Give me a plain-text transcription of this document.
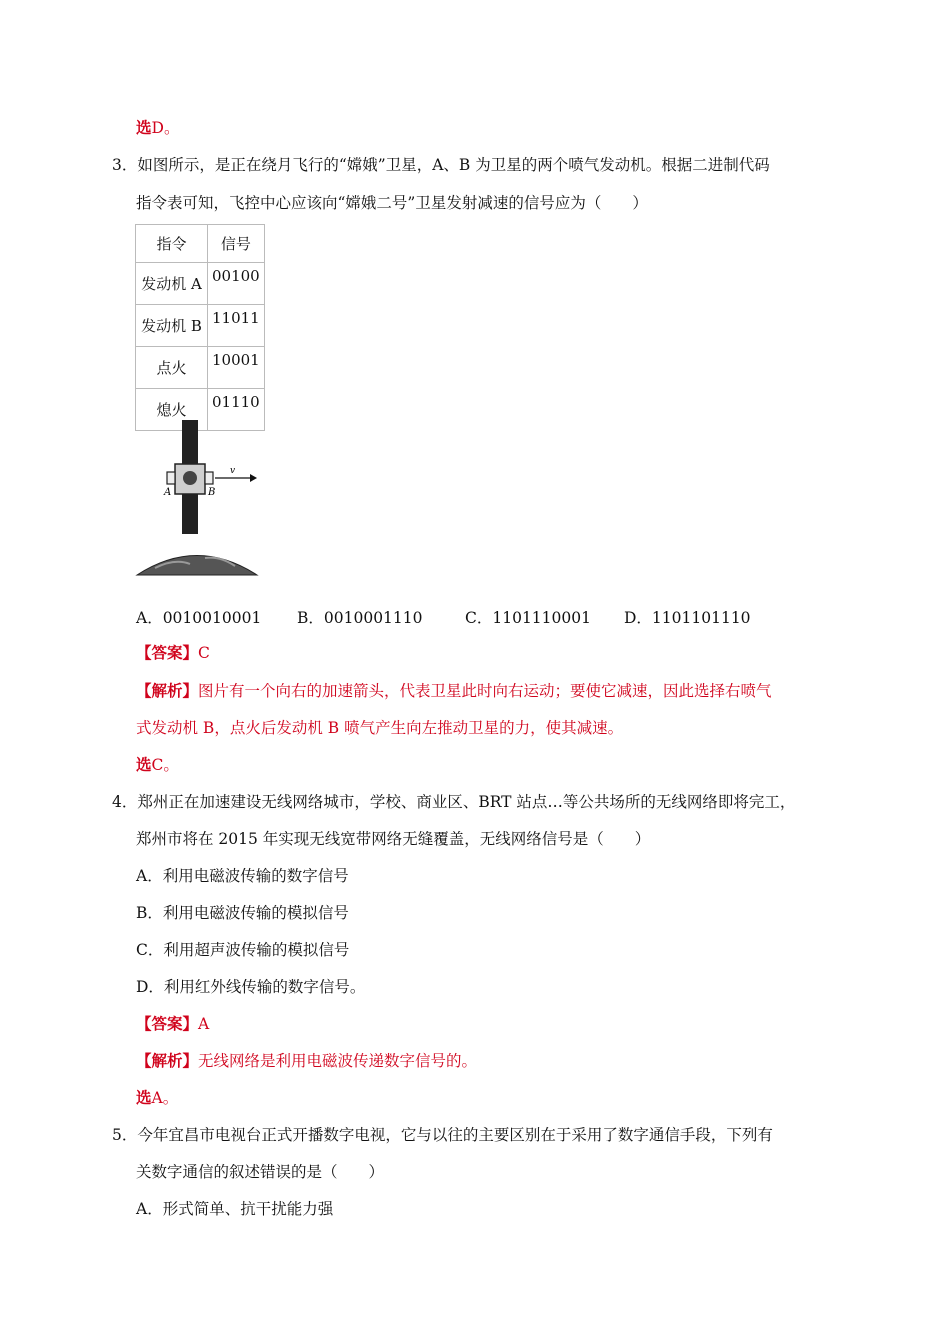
选D。
3．如图所示，是正在绕月飞行的“嫦娥”卫星，A、B 为卫星的两个喷气发动机。根据二进制代码
指令表可知，飞控中心应该向“嫦娥二号”卫星发射减速的信号应为（　　）
指令	信号
发动机 A	00100
发动机 B	11011
点火	10001
熄火	01110
v
A	B
A．0010010001 B．0010001110	C．1101110001 D．1101101110
【答案】C
【解析】图片有一个向右的加速箭头，代表卫星此时向右运动；要使它减速，因此选择右喷气
式发动机 B，点火后发动机 B 喷气产生向左推动卫星的力，使其减速。
选C。
4．郑州正在加速建设无线网络城市，学校、商业区、BRT 站点…等公共场所的无线网络即将完工，
郑州市将在 2015 年实现无线宽带网络无缝覆盖，无线网络信号是（　　）
A．利用电磁波传输的数字信号
B．利用电磁波传输的模拟信号
C．利用超声波传输的模拟信号
D．利用红外线传输的数字信号。
【答案】A
【解析】无线网络是利用电磁波传递数字信号的。
选A。
5．今年宜昌市电视台正式开播数字电视，它与以往的主要区别在于采用了数字通信手段，下列有
关数字通信的叙述错误的是（　　）
A．形式简单、抗干扰能力强
